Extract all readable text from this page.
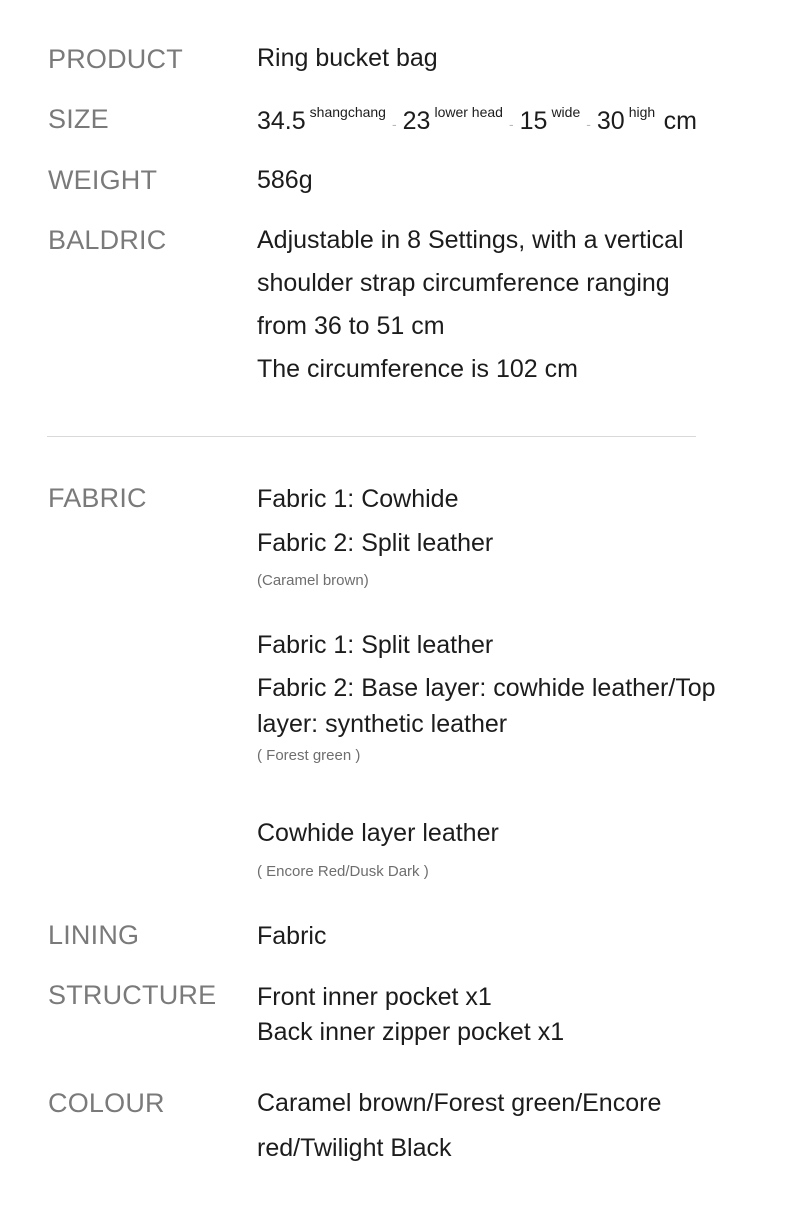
PRODUCT	Ring bucket bag

SIZE	34.5 $^{shangchang}$- 23 $^{lower head}$- 15 $^{wide}$- 30 $^{high}$ cm

WEIGHT	586g

BALDRIC	Adjustable in 8 Settings, with a vertical

shoulder strap circumference ranging

from 36 to 51 cm

The circumference is 102 cm

FABRIC	Fabric 1: Cowhide

Fabric 2: Split leather

(Caramel brown)

Fabric 1: Split leather

Fabric 2: Base layer: cowhide leather/Top

layer: synthetic leather

( Forest green )

Cowhide layer leather

( Encore Red/Dusk Dark )

LINING	Fabric

STRUCTURE Front inner pocket x1

Back inner zipper pocket x1

COLOUR	Caramel brown/Forest green/Encore

red/Twilight Black
